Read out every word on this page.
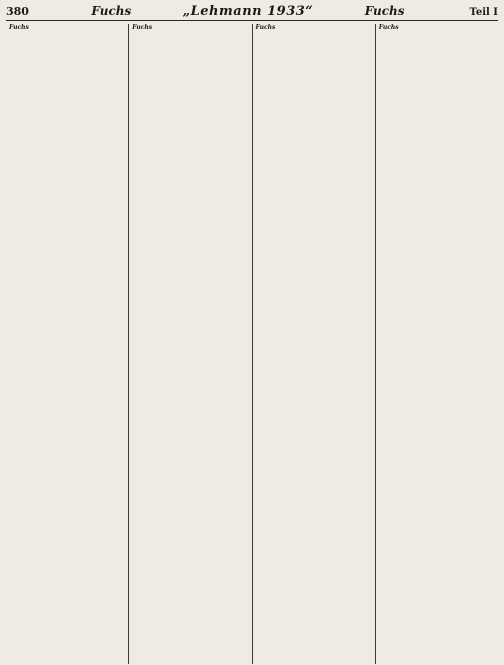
380	Fuchs	„Lehmann 1933“	Fuchs	Teil I
Fuchs	Fuchs	Fuchs	Fuchs
